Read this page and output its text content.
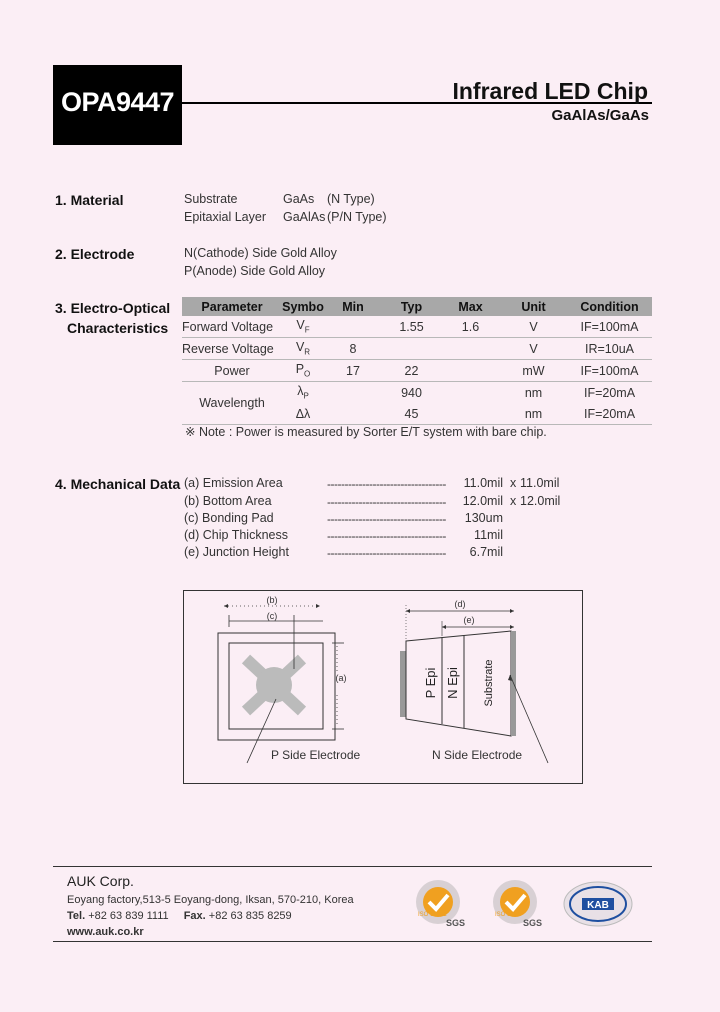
OPA9447	Infrared LED Chip
GaAlAs/GaAs
1. Material	Substrate	GaAs (N Type)
Epitaxial Layer GaAlAs (P/N Type)
2. Electrode	N(Cathode) Side Gold Alloy
P(Anode) Side Gold Alloy
3. Electro-Optical
Characteristics
Parameter	Symbo	Min	Typ	Max	Unit	Condition
Forward Voltage	$V_F$		1.55	1.6	V	IF=100mA
Reverse Voltage	$V_R$	8			V	IR=10uA
Power	$P_O$	17	22		mW	IF=100mA
Wavelength	$\lambda_P$		940		nm	IF=20mA
	Δλ		45		nm	IF=20mA
※ Note : Power is measured by Sorter E/T system with bare chip.
4. Mechanical Data (a) Emission Area	----------------------------------	11.0mil x 11.0mil
(b) Bottom Area	----------------------------------	12.0mil x 12.0mil
(c) Bonding Pad	----------------------------------	130um
(d) Chip Thickness	----------------------------------	11mil
(e) Junction Height	----------------------------------	6.7mil
(b)
(c)
(a)
(d)
(e)
P Epi N Epi Substrate
P Side Electrode	N Side Electrode
AUK Corp.
Eoyang factory,513-5 Eoyang-dong, Iksan, 570-210, Korea
Tel. +82 63 839 1111 Fax. +82 63 835 8259
www.auk.co.kr
ISO 14001
SGS
ISO 9001
SGS
KAB
